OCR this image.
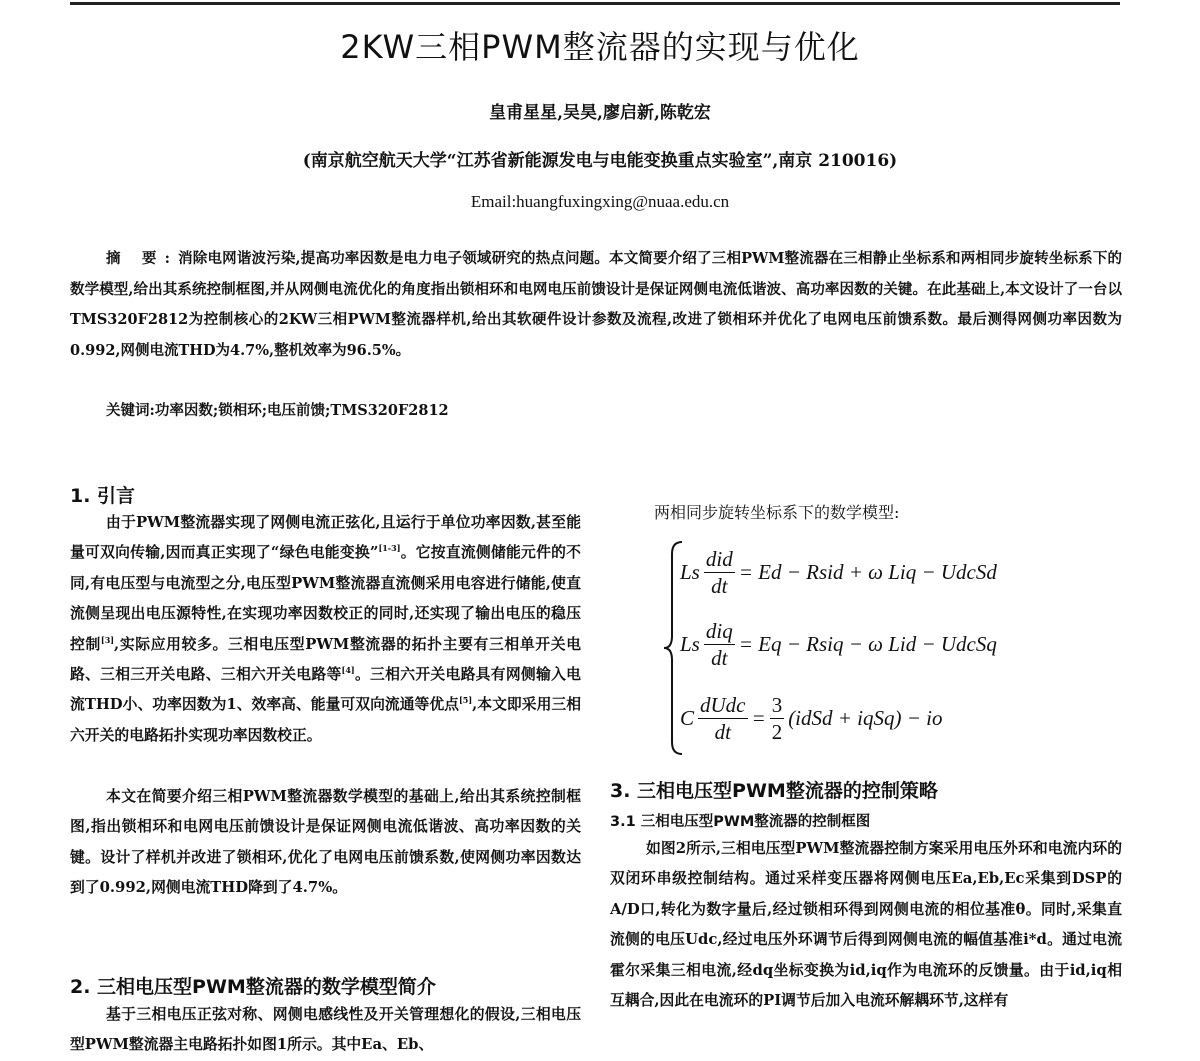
2KW三相PWM整流器的实现与优化

皇甫星星,吴昊,廖启新,陈乾宏

(南京航空航天大学“江苏省新能源发电与电能变换重点实验室”,南京 210016)

Email:huangfuxingxing@nuaa.edu.cn

摘 要:消除电网谐波污染,提高功率因数是电力电子领域研究的热点问题。本文简要介绍了三相PWM整流器在三相静止坐标系和两相同步旋转坐标系下的数学模型,给出其系统控制框图,并从网侧电流优化的角度指出锁相环和电网电压前馈设计是保证网侧电流低谐波、高功率因数的关键。在此基础上,本文设计了一台以TMS320F2812为控制核心的2KW三相PWM整流器样机,给出其软硬件设计参数及流程,改进了锁相环并优化了电网电压前馈系数。最后测得网侧功率因数为0.992,网侧电流THD为4.7%,整机效率为96.5%。

关键词:功率因数;锁相环;电压前馈;TMS320F2812

1. 引言

由于PWM整流器实现了网侧电流正弦化,且运行于单位功率因数,甚至能量可双向传输,因而真正实现了“绿色电能变换”[1-3]。它按直流侧储能元件的不同,有电压型与电流型之分,电压型PWM整流器直流侧采用电容进行储能,使直流侧呈现出电压源特性,在实现功率因数校正的同时,还实现了输出电压的稳压控制[3],实际应用较多。三相电压型PWM整流器的拓扑主要有三相单开关电路、三相三开关电路、三相六开关电路等[4]。三相六开关电路具有网侧输入电流THD小、功率因数为1、效率高、能量可双向流通等优点[5],本文即采用三相六开关的电路拓扑实现功率因数校正。

本文在简要介绍三相PWM整流器数学模型的基础上,给出其系统控制框图,指出锁相环和电网电压前馈设计是保证网侧电流低谐波、高功率因数的关键。设计了样机并改进了锁相环,优化了电网电压前馈系数,使网侧功率因数达到了0.992,网侧电流THD降到了4.7%。

2. 三相电压型PWM整流器的数学模型简介

基于三相电压正弦对称、网侧电感线性及开关管理想化的假设,三相电压型PWM整流器主电路拓扑如图1所示。其中Ea、Eb、

两相同步旋转坐标系下的数学模型:

Ls $\frac{\text{did}}{dt} = Ed$ − Rsid + ω Liq − UdcSd
Ls $\frac{\text{diq}}{dt} = Eq$ − Rsiq − ω Lid − UdcSq
C $\frac{\text{dUdc}}{dt} = \frac{3}{2}$ (idSd + iqSq) − io
3. 三相电压型PWM整流器的控制策略
3.1 三相电压型PWM整流器的控制框图

如图2所示,三相电压型PWM整流器控制方案采用电压外环和电流内环的双闭环串级控制结构。通过采样变压器将网侧电压Ea,Eb,Ec采集到DSP的A/D口,转化为数字量后,经过锁相环得到网侧电流的相位基准θ。同时,采集直流侧的电压Udc,经过电压外环调节后得到网侧电流的幅值基准i*d。通过电流霍尔采集三相电流,经dq坐标变换为id,iq作为电流环的反馈量。由于id,iq相互耦合,因此在电流环的PI调节后加入电流环解耦环节,这样有
